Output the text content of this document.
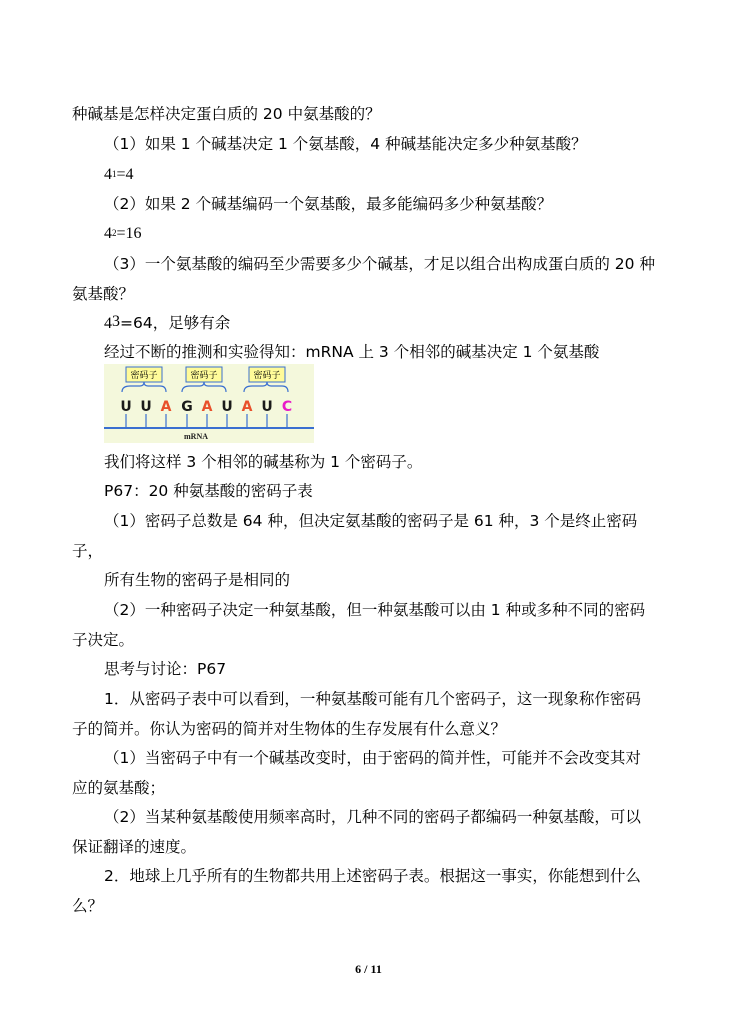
种碱基是怎样决定蛋白质的 20 中氨基酸的？
（1）如果 1 个碱基决定 1 个氨基酸，4 种碱基能决定多少种氨基酸？
$4^1=4$
（2）如果 2 个碱基编码一个氨基酸，最多能编码多少种氨基酸？
$4^2=16$
（3）一个氨基酸的编码至少需要多少个碱基，才足以组合出构成蛋白质的 20 种
氨基酸？
$4^3=64$，足够有余
经过不断的推测和实验得知：mRNA 上 3 个相邻的碱基决定 1 个氨基酸
密码子	密码子	密码子
U U A G A U A U C
mRNA
我们将这样 3 个相邻的碱基称为 1 个密码子。
P67：20 种氨基酸的密码子表
（1）密码子总数是 64 种，但决定氨基酸的密码子是 61 种，3 个是终止密码
子，
所有生物的密码子是相同的
（2）一种密码子决定一种氨基酸，但一种氨基酸可以由 1 种或多种不同的密码
子决定。
思考与讨论：P67
1．从密码子表中可以看到，一种氨基酸可能有几个密码子，这一现象称作密码
子的简并。你认为密码的简并对生物体的生存发展有什么意义？
（1）当密码子中有一个碱基改变时，由于密码的简并性，可能并不会改变其对
应的氨基酸；
（2）当某种氨基酸使用频率高时，几种不同的密码子都编码一种氨基酸，可以
保证翻译的速度。
2．地球上几乎所有的生物都共用上述密码子表。根据这一事实，你能想到什么
么？
6 / 11
